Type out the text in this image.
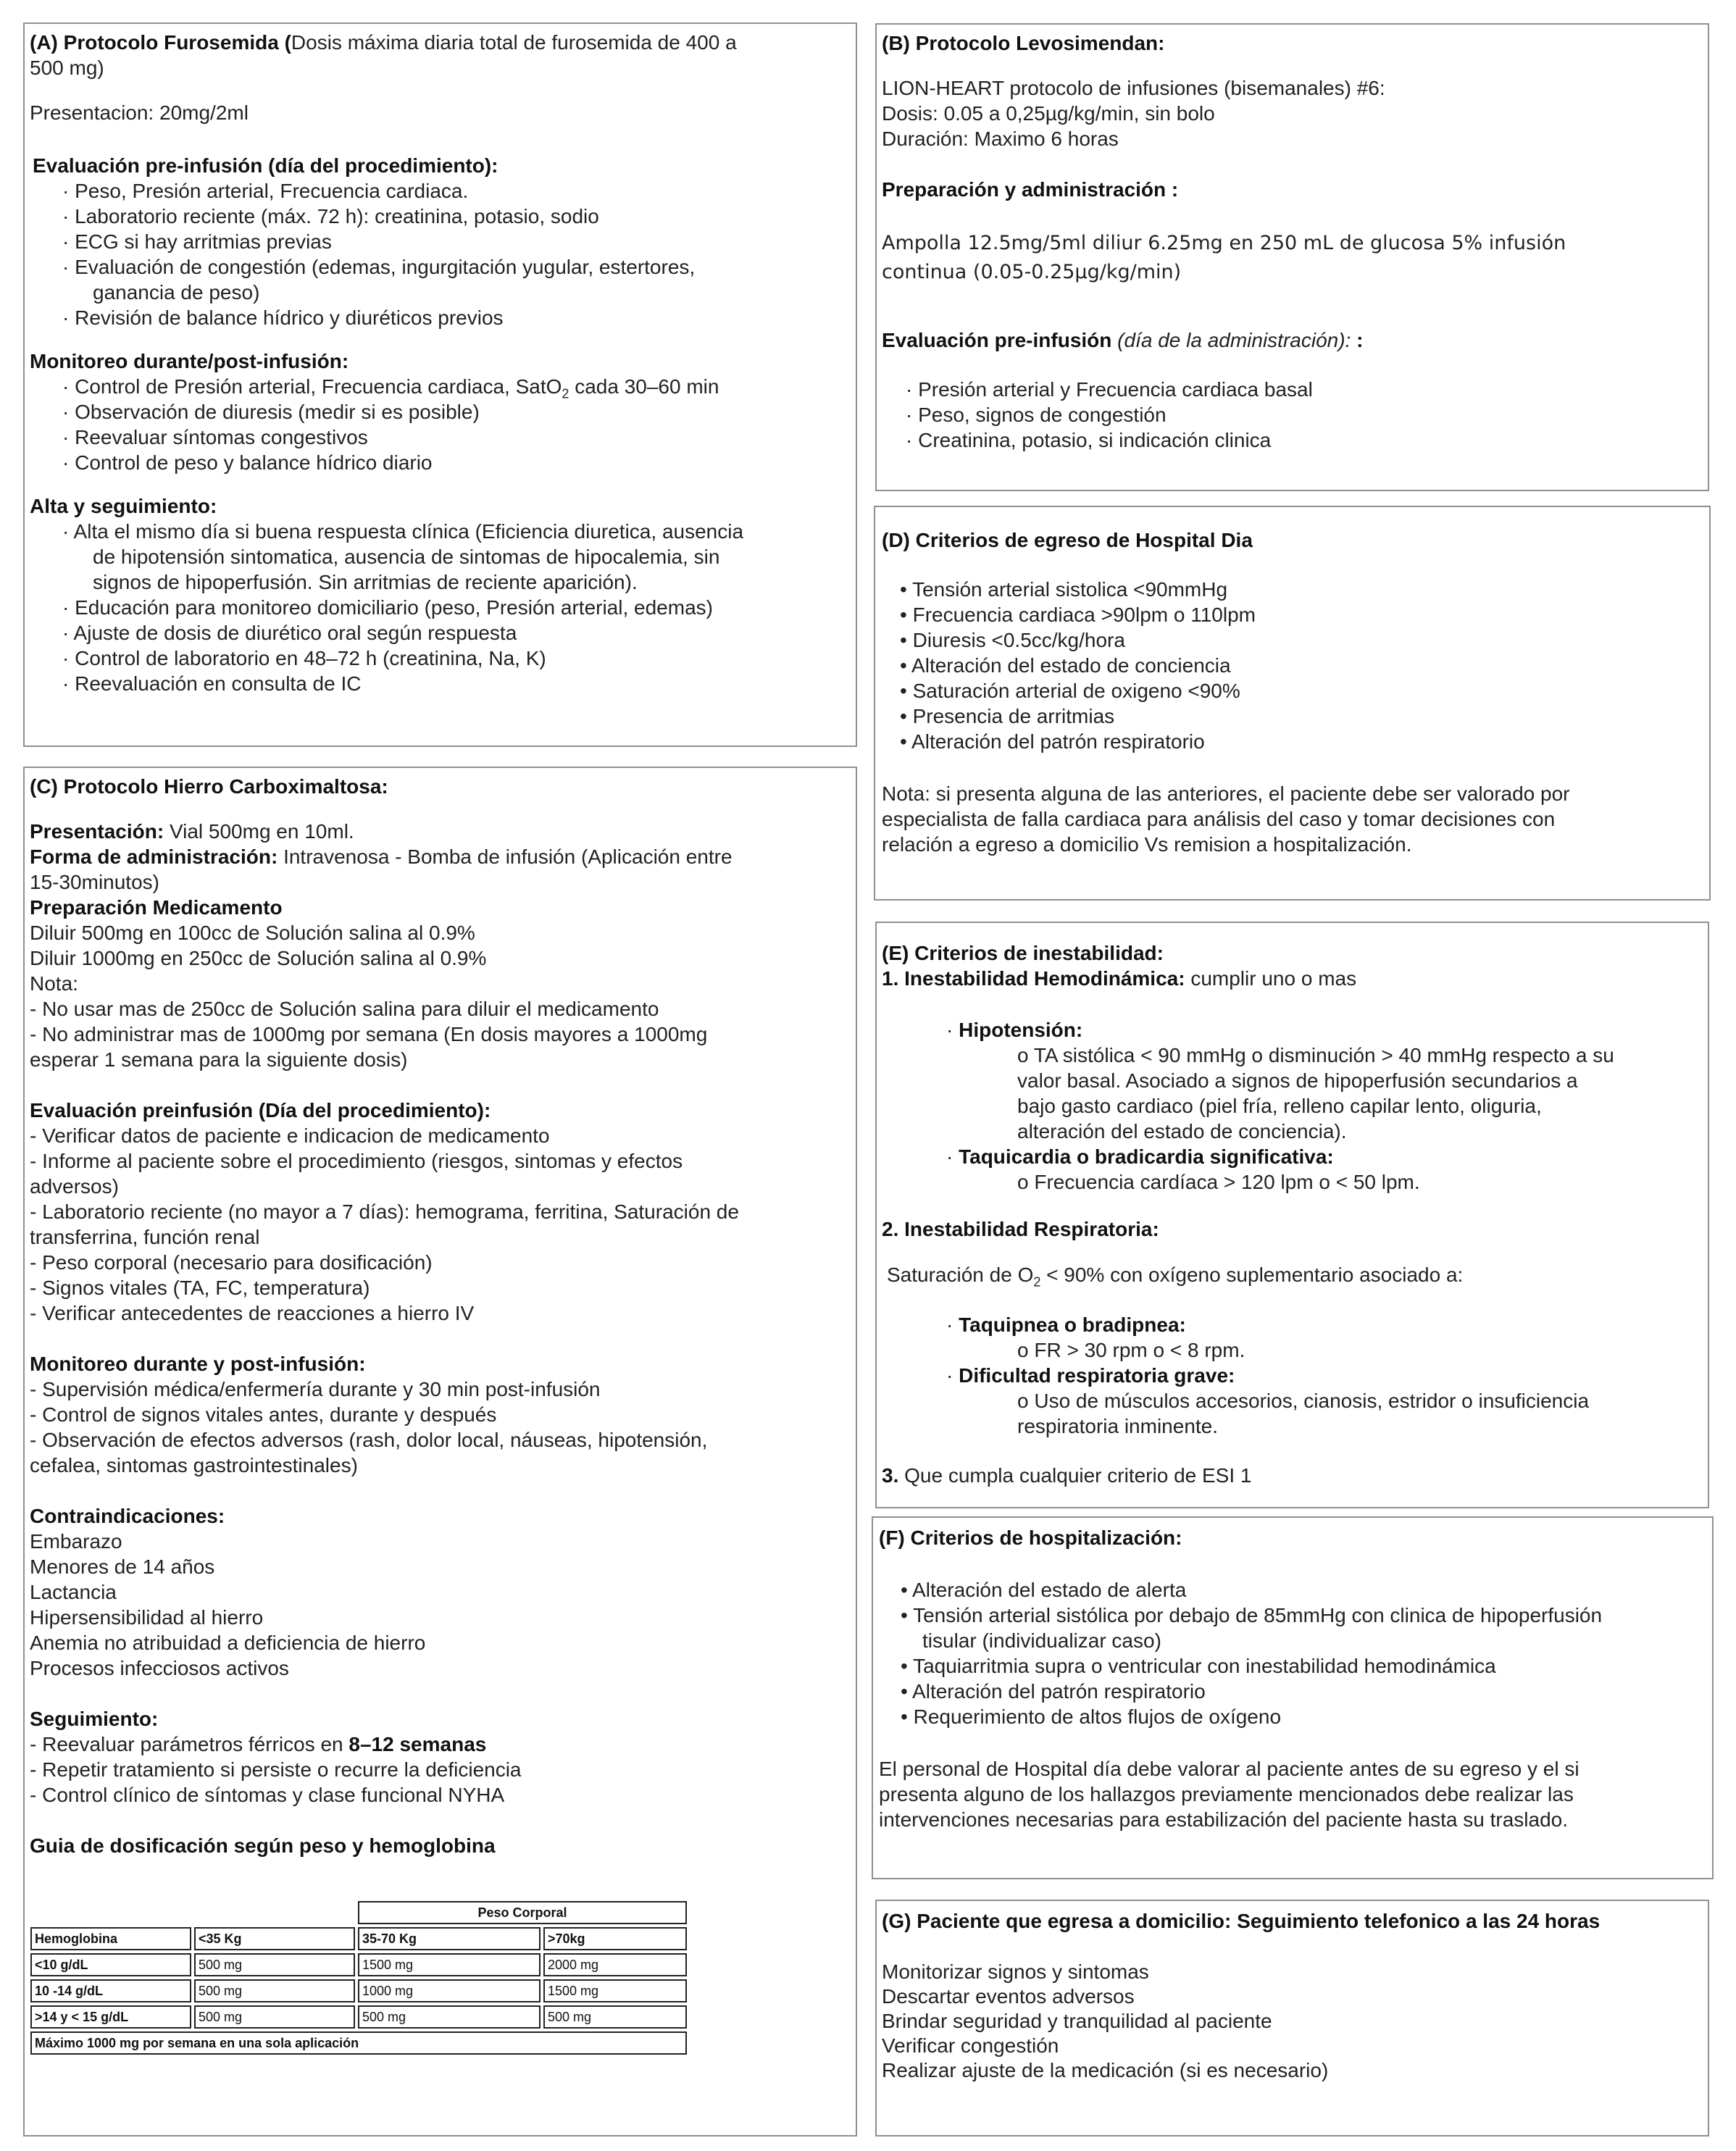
(A) Protocolo Furosemida (Dosis máxima diaria total de furosemida de 400 a
500 mg)
Presentacion: 20mg/2ml
Evaluación pre-infusión (día del procedimiento):
· Peso, Presión arterial, Frecuencia cardiaca.
· Laboratorio reciente (máx. 72 h): creatinina, potasio, sodio
· ECG si hay arritmias previas
· Evaluación de congestión (edemas, ingurgitación yugular, estertores,
ganancia de peso)
· Revisión de balance hídrico y diuréticos previos
Monitoreo durante/post-infusión:
· Control de Presión arterial, Frecuencia cardiaca, SatO$_2$ cada 30–60 min
· Observación de diuresis (medir si es posible)
· Reevaluar síntomas congestivos
· Control de peso y balance hídrico diario
Alta y seguimiento:
· Alta el mismo día si buena respuesta clínica (Eficiencia diuretica, ausencia
de hipotensión sintomatica, ausencia de sintomas de hipocalemia, sin
signos de hipoperfusión. Sin arritmias de reciente aparición).
· Educación para monitoreo domiciliario (peso, Presión arterial, edemas)
· Ajuste de dosis de diurético oral según respuesta
· Control de laboratorio en 48–72 h (creatinina, Na, K)
· Reevaluación en consulta de IC
(C) Protocolo Hierro Carboximaltosa:
Presentación: Vial 500mg en 10ml.
Forma de administración: Intravenosa - Bomba de infusión (Aplicación entre
15-30minutos)
Preparación Medicamento
Diluir 500mg en 100cc de Solución salina al 0.9%
Diluir 1000mg en 250cc de Solución salina al 0.9%
Nota:
- No usar mas de 250cc de Solución salina para diluir el medicamento
- No administrar mas de 1000mg por semana (En dosis mayores a 1000mg
esperar 1 semana para la siguiente dosis)
Evaluación preinfusión (Día del procedimiento):
- Verificar datos de paciente e indicacion de medicamento
- Informe al paciente sobre el procedimiento (riesgos, sintomas y efectos
adversos)
- Laboratorio reciente (no mayor a 7 días): hemograma, ferritina, Saturación de
transferrina, función renal
- Peso corporal (necesario para dosificación)
- Signos vitales (TA, FC, temperatura)
- Verificar antecedentes de reacciones a hierro IV
Monitoreo durante y post-infusión:
- Supervisión médica/enfermería durante y 30 min post-infusión
- Control de signos vitales antes, durante y después
- Observación de efectos adversos (rash, dolor local, náuseas, hipotensión,
cefalea, sintomas gastrointestinales)
Contraindicaciones:
Embarazo
Menores de 14 años
Lactancia
Hipersensibilidad al hierro
Anemia no atribuidad a deficiencia de hierro
Procesos infecciosos activos
Seguimiento:
- Reevaluar parámetros férricos en 8–12 semanas
- Repetir tratamiento si persiste o recurre la deficiencia
- Control clínico de síntomas y clase funcional NYHA
Guia de dosificación según peso y hemoglobina
		Peso Corporal	
Hemoglobina	<35 Kg	35-70 Kg	>70kg
<10 g/dL	500 mg	1500 mg	2000 mg
10 -14 g/dL	500 mg	1000 mg	1500 mg
>14 y < 15 g/dL	500 mg	500 mg	500 mg
Máximo 1000 mg por semana en una sola aplicación			
(B) Protocolo Levosimendan:
LION-HEART protocolo de infusiones (bisemanales) #6:
Dosis: 0.05 a 0,25µg/kg/min, sin bolo
Duración: Maximo 6 horas
Preparación y administración :
Ampolla 12.5mg/5ml diliur 6.25mg en 250 mL de glucosa 5% infusión
continua (0.05-0.25µg/kg/min)
Evaluación pre-infusión (día de la administración): :
· Presión arterial y Frecuencia cardiaca basal
· Peso, signos de congestión
· Creatinina, potasio, si indicación clinica
(D) Criterios de egreso de Hospital Dia
• Tensión arterial sistolica <90mmHg
• Frecuencia cardiaca >90lpm o 110lpm
• Diuresis <0.5cc/kg/hora
• Alteración del estado de conciencia
• Saturación arterial de oxigeno <90%
• Presencia de arritmias
• Alteración del patrón respiratorio
Nota: si presenta alguna de las anteriores, el paciente debe ser valorado por
especialista de falla cardiaca para análisis del caso y tomar decisiones con
relación a egreso a domicilio Vs remision a hospitalización.
(E) Criterios de inestabilidad:
1. Inestabilidad Hemodinámica: cumplir uno o mas
· Hipotensión:
o TA sistólica < 90 mmHg o disminución > 40 mmHg respecto a su
valor basal. Asociado a signos de hipoperfusión secundarios a
bajo gasto cardiaco (piel fría, relleno capilar lento, oliguria,
alteración del estado de conciencia).
· Taquicardia o bradicardia significativa:
o Frecuencia cardíaca > 120 lpm o < 50 lpm.
2. Inestabilidad Respiratoria:
Saturación de $O_2 < 90\%$ con oxígeno suplementario asociado a:
· Taquipnea o bradipnea:
o FR > 30 rpm o < 8 rpm.
· Dificultad respiratoria grave:
o Uso de músculos accesorios, cianosis, estridor o insuficiencia
respiratoria inminente.
3. Que cumpla cualquier criterio de ESI 1
(F) Criterios de hospitalización:
• Alteración del estado de alerta
• Tensión arterial sistólica por debajo de 85mmHg con clinica de hipoperfusión
tisular (individualizar caso)
• Taquiarritmia supra o ventricular con inestabilidad hemodinámica
• Alteración del patrón respiratorio
• Requerimiento de altos flujos de oxígeno
El personal de Hospital día debe valorar al paciente antes de su egreso y el si
presenta alguno de los hallazgos previamente mencionados debe realizar las
intervenciones necesarias para estabilización del paciente hasta su traslado.
(G) Paciente que egresa a domicilio: Seguimiento telefonico a las 24 horas
Monitorizar signos y sintomas
Descartar eventos adversos
Brindar seguridad y tranquilidad al paciente
Verificar congestión
Realizar ajuste de la medicación (si es necesario)
